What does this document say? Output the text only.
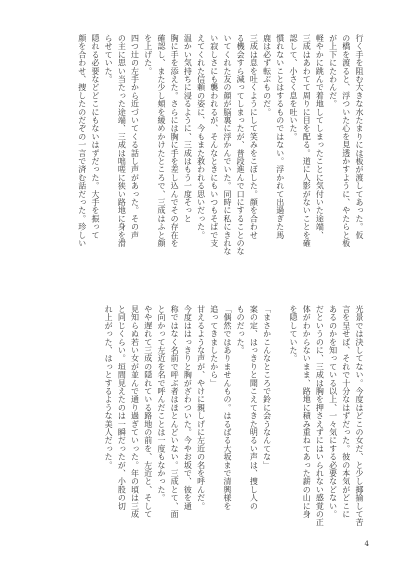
行く手を阻む大きな水たまりには板が渡してあった。仮
の橋を渡ると、浮ついた心を見透かすように、やたらと板
が上下にたわんだ。
軽やかに跳んで着地してしまったことに気付いた途端、
三成はあわてて周りに目を配る。道に人影がないことを確
認して、小さく息を吐いた。
慣れないことはするものではない。浮かれて出過ぎた馬
鹿は必ず転ぶものだ。
三成は息を吐くようにして笑みをこぼした。顔を合わせ
る機会すら減ってしまったが、普段進んで口にすることのな
いてくれた友の顔が脳裏に浮かんでいた。同時に私にきれな
い寂しさにも襲われるが、そんなときにもいつもそばで支
えてくれた信頼の姿に、今もまた救われる思いだった。
温かい気持ちに浸るように、三成はもう一度そっと
胸に手を添えた。さらには胸に手を差し込んでその存在を
確認し、また少し頬を緩めかけたところで、三成はふと顔
を上げた。
四つ辻の左手から近づいてくる話し声があった。その声
の主に思い当たった途端、三成は咄嗟に狭い路地に身を滑
らせていた。
隠れる必要などどこにもないはずだった。大手を振って
顔を合わせ、捜したのだぞの一言で済む話だった。珍しい
光景では決してない。今度はどこの女だ、と少し揶揄して苦
言を呈せば、それで十分なはずだった。彼の本気がどこに
あるのかを知っている以上、一々気にする必要などない。
だというのに、三成は胸を押さえずにはいられない感覚の正
体がわからないまま、路地に積み重ねてあった薪の山に身
を隠していた。

「まさかこんなところで鈴に会うなんてな」
案の定、はっきりと聞こえてきた明るい声は、捜し人の
ものだった。
「偶然ではありませんもの。はるばる大坂まで清興様を
追ってきましたから」
甘えるような声が、やけに親しげに左近の名を呼んだ。
今度ははっきりと胸がざわついた。今やお坂で、彼を通
称ではなく名前で呼ぶ者はほとんどいない。三成とて、面
と向かって左近を名で呼んだことは一度もなかった。
やや遅れて三成の隠れている路地の前を、左近と、そして
見知らぬ若い女が並んで通り過ぎていった。年の頃は三成
と同じくらい。垣間見えたのは一瞬だったが、小股の切
れ上がった、はっとするような美人だった。
4
